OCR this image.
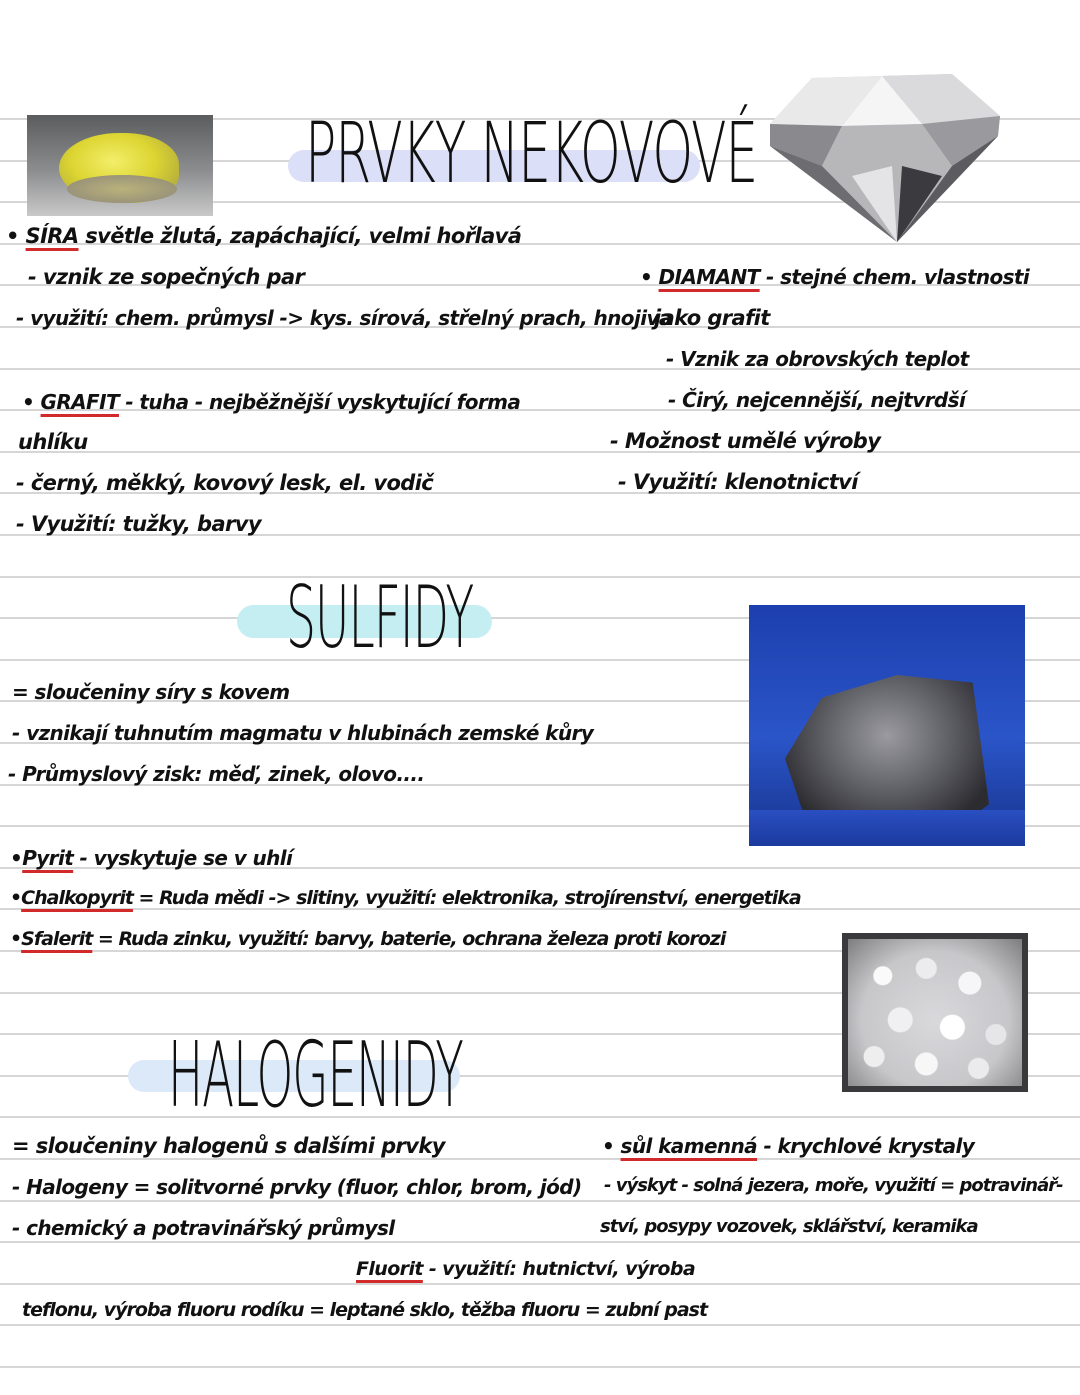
PRVKY NEKOVOVÉ
• SÍRA světle žlutá, zapáchající, velmi hořlavá
- vznik ze sopečných par
- využití: chem. průmysl -> kys. sírová, střelný prach, hnojiva
• GRAFIT - tuha - nejběžnější vyskytující forma
uhlíku
- černý, měkký, kovový lesk, el. vodič
- Využití: tužky, barvy
• DIAMANT - stejné chem. vlastnosti
jako grafit
- Vznik za obrovských teplot
- Čirý, nejcennější, nejtvrdší
- Možnost umělé výroby
- Využití: klenotnictví
SULFIDY
= sloučeniny síry s kovem
- vznikají tuhnutím magmatu v hlubinách zemské kůry
- Průmyslový zisk: měď, zinek, olovo....
•Pyrit - vyskytuje se v uhlí
•Chalkopyrit = Ruda mědi -> slitiny, využití: elektronika, strojírenství, energetika
•Sfalerit = Ruda zinku, využití: barvy, baterie, ochrana železa proti korozi
HALOGENIDY
= sloučeniny halogenů s dalšími prvky
- Halogeny = solitvorné prvky (fluor, chlor, brom, jód)
- chemický a potravinářský průmysl
• sůl kamenná - krychlové krystaly
- výskyt - solná jezera, moře, využití = potravinář-
ství, posypy vozovek, sklářství, keramika
Fluorit - využití: hutnictví, výroba
teflonu, výroba fluoru rodíku = leptané sklo, těžba fluoru = zubní past
